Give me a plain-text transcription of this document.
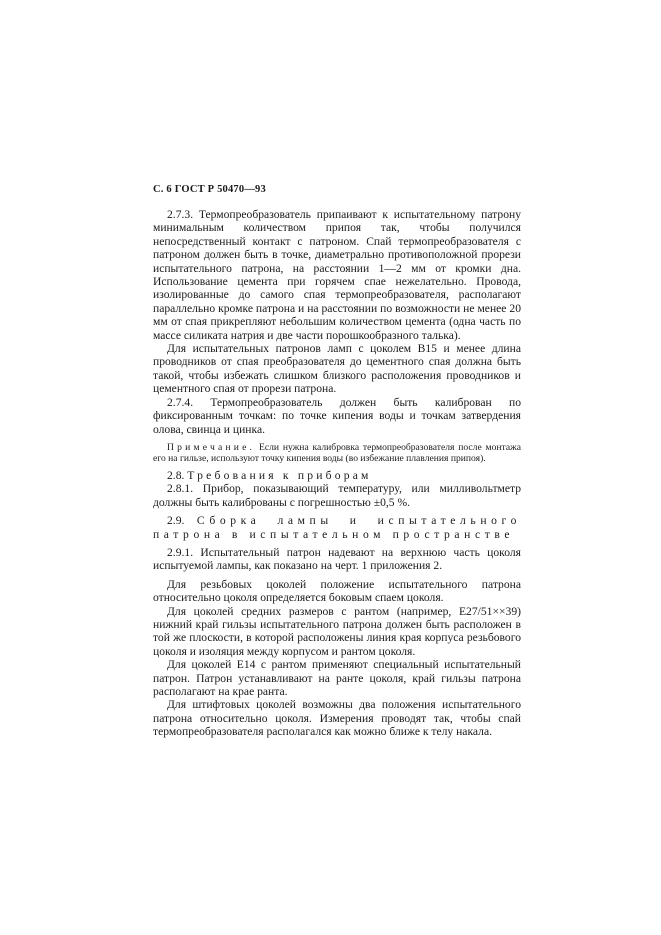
С. 6 ГОСТ Р 50470—93

2.7.3. Термопреобразователь припаивают к испытательному патрону минимальным количеством припоя так, чтобы получился непосредственный контакт с патроном. Спай термопреобразователя с патроном должен быть в точке, диаметрально противоположной прорези испытательного патрона, на расстоянии 1—2 мм от кромки дна. Использование цемента при горячем спае нежелательно. Провода, изолированные до самого спая термопреобразователя, располагают параллельно кромке патрона и на расстоянии по возможности не менее 20 мм от спая прикрепляют небольшим количеством цемента (одна часть по массе силиката натрия и две части порошкообразного талька).

Для испытательных патронов ламп с цоколем В15 и менее длина проводников от спая преобразователя до цементного спая должна быть такой, чтобы избежать слишком близкого расположения проводников и цементного спая от прорези патрона.

2.7.4. Термопреобразователь должен быть калиброван по фиксированным точкам: по точке кипения воды и точкам затвердения олова, свинца и цинка.

Примечание. Если нужна калибровка термопреобразователя после монтажа его на гильзе, используют точку кипения воды (во избежание плавления припоя).

2.8. Требования к приборам

2.8.1. Прибор, показывающий температуру, или милливольтметр должны быть калиброваны с погрешностью ±0,5 %.

2.9. Сборка лампы и испытательного патрона в испытательном пространстве

2.9.1. Испытательный патрон надевают на верхнюю часть цоколя испытуемой лампы, как показано на черт. 1 приложения 2.

Для резьбовых цоколей положение испытательного патрона относительно цоколя определяется боковым спаем цоколя.

Для цоколей средних размеров с рантом (например, Е27/51××39) нижний край гильзы испытательного патрона должен быть расположен в той же плоскости, в которой расположены линия края корпуса резьбового цоколя и изоляция между корпусом и рантом цоколя.

Для цоколей Е14 с рантом применяют специальный испытательный патрон. Патрон устанавливают на ранте цоколя, край гильзы патрона располагают на крае ранта.

Для штифтовых цоколей возможны два положения испытательного патрона относительно цоколя. Измерения проводят так, чтобы спай термопреобразователя располагался как можно ближе к телу накала.
